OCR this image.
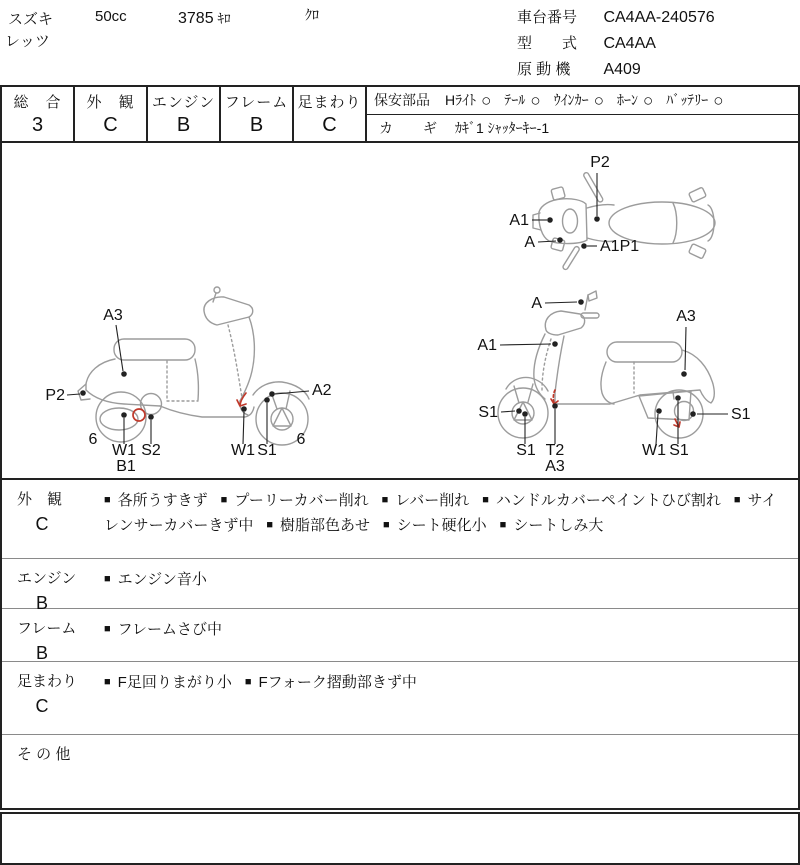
スズキ
レッツ
50cc	3785 ｷﾛ	ｸﾛ	車台番号 CA4AA-240576
型　　式 CA4AA
原 動 機 A409
総　合
3
外　観
C
エンジン
B
フレーム
B
足まわり
C
保安部品 Hﾗｲﾄ ○ ﾃｰﾙ ○ ｳｲﾝｶｰ ○ ﾎｰﾝ ○ ﾊﾞｯﾃﾘｰ ○
カ　ギ ｶｷﾞ1 ｼｬｯﾀｰｷｰ-1
P2
A1
A	A1P1
A3
P2
6
W1
B1
S2	W1 S1
6
A2
A
A1
A3
S1
S1 T2
A3
W1 S1
S1
外　観
C
■ 各所うすきず ■ プーリーカバー削れ ■ レバー削れ ■ ハンドルカバーペイントひび割れ ■ サイレンサーカバーきず中 ■ 樹脂部色あせ ■ シート硬化小 ■ シートしみ大
エンジン
B
■ エンジン音小
フレーム
B
■ フレームさび中
足まわり
C
■ F足回りまがり小 ■ Fフォーク摺動部きず中
そ の 他
